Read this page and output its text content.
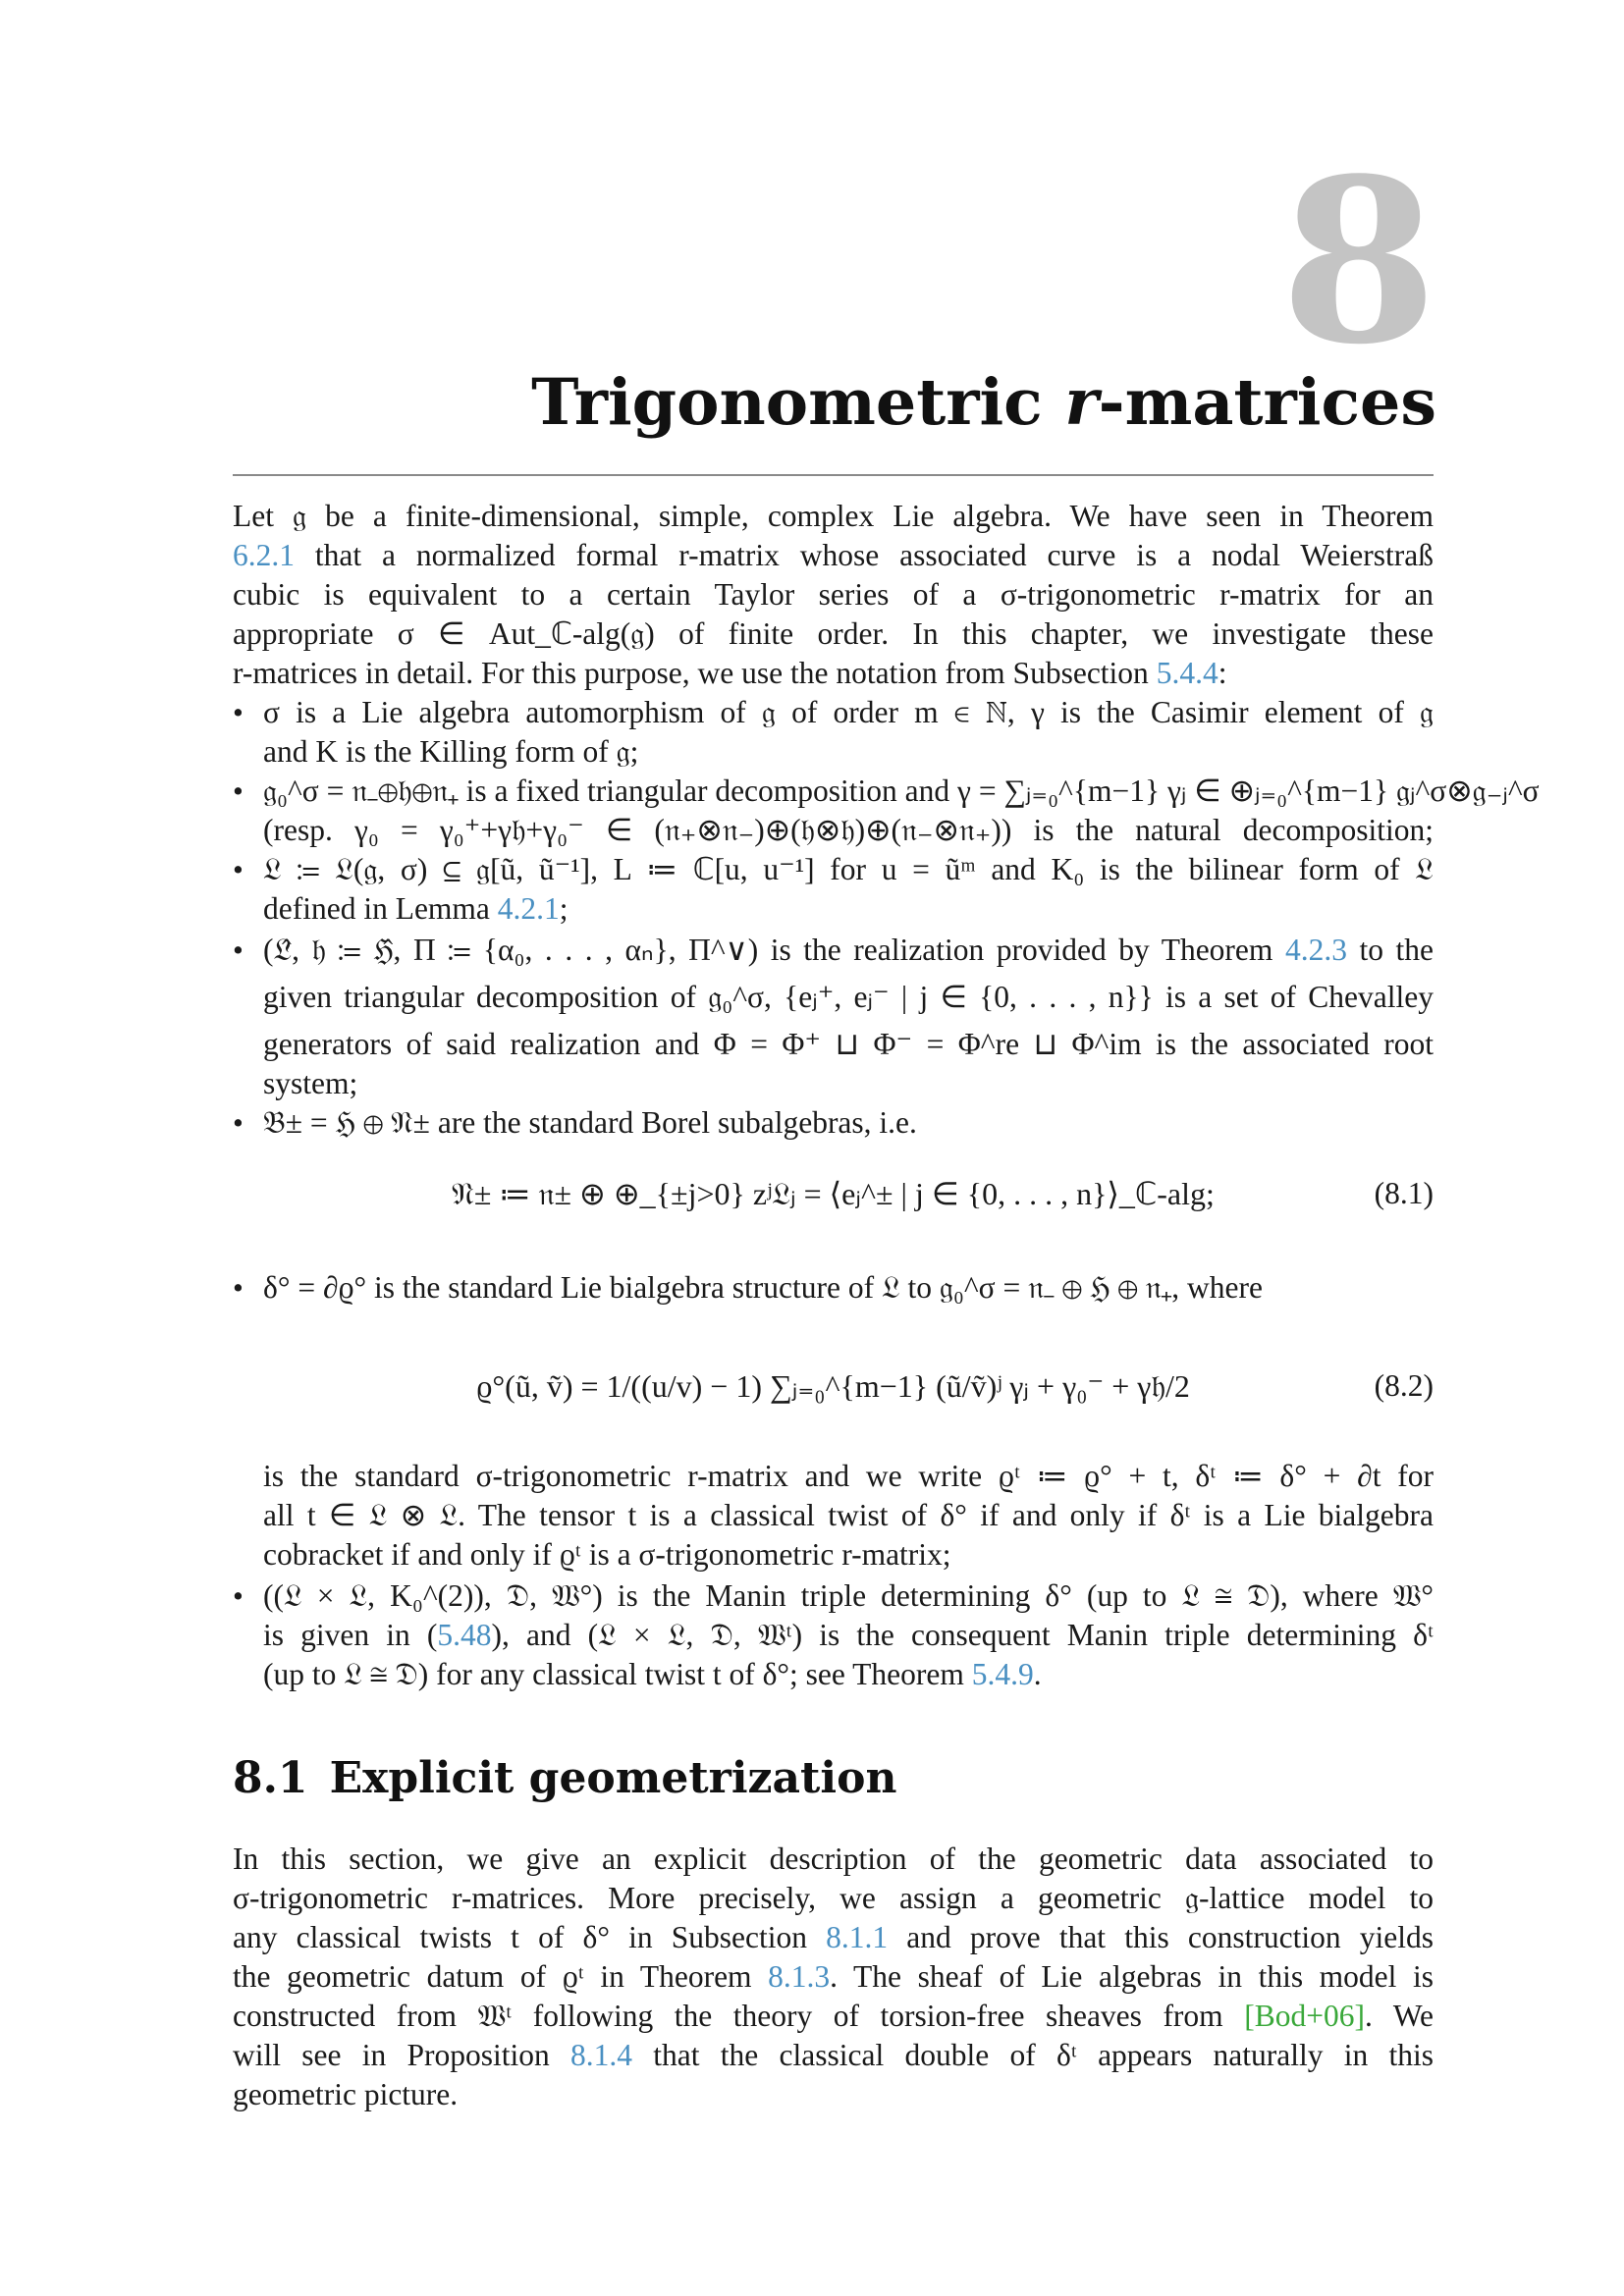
8
Trigonometric r-matrices
Let 𝔤 be a finite-dimensional, simple, complex Lie algebra. We have seen in Theorem
6.2.1 that a normalized formal r-matrix whose associated curve is a nodal Weierstraß
cubic is equivalent to a certain Taylor series of a σ-trigonometric r-matrix for an
appropriate σ ∈ Aut_ℂ-alg(𝔤) of finite order. In this chapter, we investigate these
r-matrices in detail. For this purpose, we use the notation from Subsection 5.4.4:
• σ is a Lie algebra automorphism of 𝔤 of order m ∈ ℕ, γ is the Casimir element of 𝔤
and K is the Killing form of 𝔤;
• 𝔤₀^σ = 𝔫₋⊕𝔥⊕𝔫₊ is a fixed triangular decomposition and γ = ∑ⱼ₌₀^{m−1} γⱼ ∈ ⊕ⱼ₌₀^{m−1} 𝔤ⱼ^σ⊗𝔤₋ⱼ^σ
(resp. γ₀ = γ₀⁺+γ𝔥+γ₀⁻ ∈ (𝔫₊⊗𝔫₋)⊕(𝔥⊗𝔥)⊕(𝔫₋⊗𝔫₊)) is the natural decomposition;
• 𝔏 ≔ 𝔏(𝔤, σ) ⊆ 𝔤[ũ, ũ⁻¹], L ≔ ℂ[u, u⁻¹] for u = ũᵐ and K₀ is the bilinear form of 𝔏
defined in Lemma 4.2.1;
• (𝔏̂, 𝔥 ≔ ℌ̂, Π ≔ {α₀, . . . , αₙ}, Π^∨) is the realization provided by Theorem 4.2.3 to the
given triangular decomposition of 𝔤₀^σ, {eⱼ⁺, eⱼ⁻ | j ∈ {0, . . . , n}} is a set of Chevalley
generators of said realization and Φ = Φ⁺ ⊔ Φ⁻ = Φ^re ⊔ Φ^im is the associated root
system;
• 𝔅± = ℌ ⊕ 𝔑± are the standard Borel subalgebras, i.e.
𝔑± ≔ 𝔫± ⊕ ⊕_{±j>0} zʲ𝔏ⱼ = ⟨eⱼ^± | j ∈ {0, . . . , n}⟩_ℂ-alg;	(8.1)
• δ° = ∂ϱ° is the standard Lie bialgebra structure of 𝔏 to 𝔤₀^σ = 𝔫₋ ⊕ ℌ ⊕ 𝔫₊, where
ϱ°(ũ, ṽ) = 1/((u/v) − 1) ∑ⱼ₌₀^{m−1} (ũ/ṽ)ʲ γⱼ + γ₀⁻ + γ𝔥/2	(8.2)
is the standard σ-trigonometric r-matrix and we write ϱᵗ ≔ ϱ° + t, δᵗ ≔ δ° + ∂t for
all t ∈ 𝔏 ⊗ 𝔏. The tensor t is a classical twist of δ° if and only if δᵗ is a Lie bialgebra
cobracket if and only if ϱᵗ is a σ-trigonometric r-matrix;
• ((𝔏 × 𝔏, K₀^(2)), 𝔇, 𝔚°) is the Manin triple determining δ° (up to 𝔏 ≅ 𝔇), where 𝔚°
is given in (5.48), and (𝔏 × 𝔏, 𝔇, 𝔚ᵗ) is the consequent Manin triple determining δᵗ
(up to 𝔏 ≅ 𝔇) for any classical twist t of δ°; see Theorem 5.4.9.
8.1 Explicit geometrization
In this section, we give an explicit description of the geometric data associated to
σ-trigonometric r-matrices. More precisely, we assign a geometric 𝔤-lattice model to
any classical twists t of δ° in Subsection 8.1.1 and prove that this construction yields
the geometric datum of ϱᵗ in Theorem 8.1.3. The sheaf of Lie algebras in this model is
constructed from 𝔚ᵗ following the theory of torsion-free sheaves from [Bod+06]. We
will see in Proposition 8.1.4 that the classical double of δᵗ appears naturally in this
geometric picture.
